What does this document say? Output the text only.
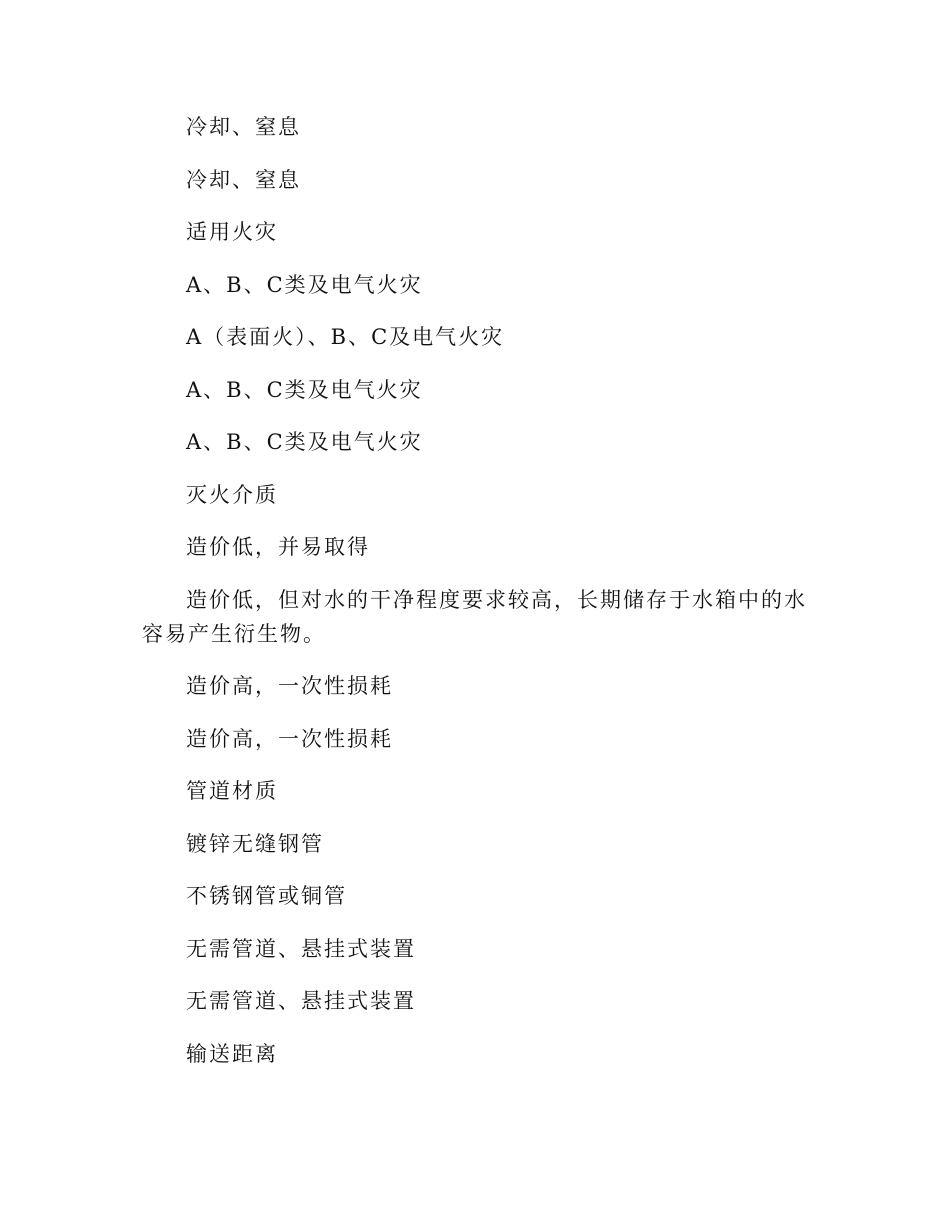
冷却、窒息

冷却、窒息

适用火灾

A、B、C类及电气火灾

A（表面火）、B、C及电气火灾

A、B、C类及电气火灾

A、B、C类及电气火灾

灭火介质

造价低，并易取得

造价低，但对水的干净程度要求较高，长期储存于水箱中的水容易产生衍生物。

造价高，一次性损耗

造价高，一次性损耗

管道材质

镀锌无缝钢管

不锈钢管或铜管

无需管道、悬挂式装置

无需管道、悬挂式装置

输送距离
